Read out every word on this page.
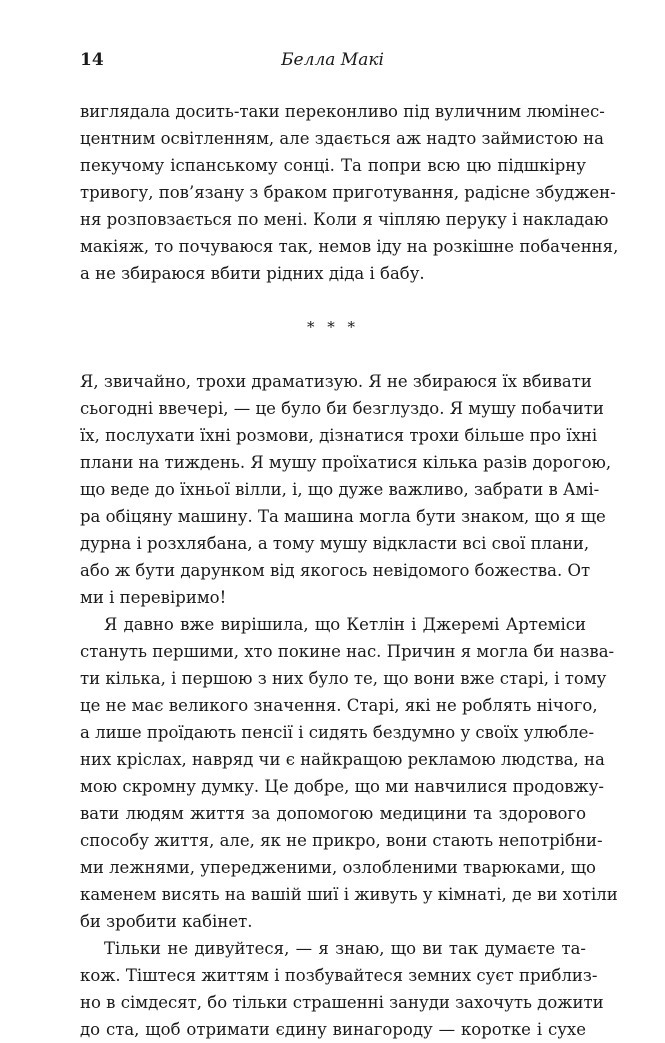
14	Белла Макі

виглядала досить-таки переконливо під вуличним люмінес-
центним освітленням, але здається аж надто займистою на
пекучому іспанському сонці. Та попри всю цю підшкірну
тривогу, пов’язану з браком приготування, радісне збуджен-
ня розповзається по мені. Коли я чіпляю перуку і накладаю
макіяж, то почуваюся так, немов іду на розкішне побачення,
а не збираюся вбити рідних діда і бабу.

* * *

Я, звичайно, трохи драматизую. Я не збираюся їх вбивати
сьогодні ввечері, — це було би безглуздо. Я мушу побачити
їх, послухати їхні розмови, дізнатися трохи більше про їхні
плани на тиждень. Я мушу проїхатися кілька разів дорогою,
що веде до їхньої вілли, і, що дуже важливо, забрати в Амі-
ра обіцяну машину. Та машина могла бути знаком, що я ще
дурна і розхлябана, а тому мушу відкласти всі свої плани,
або ж бути дарунком від якогось невідомого божества. От
ми і перевіримо!

Я давно вже вирішила, що Кетлін і Джеремі Артеміси
стануть першими, хто покине нас. Причин я могла би назва-
ти кілька, і першою з них було те, що вони вже старі, і тому
це не має великого значення. Старі, які не роблять нічого,
а лише проїдають пенсії і сидять бездумно у своїх улюбле-
них кріслах, навряд чи є найкращою рекламою людства, на
мою скромну думку. Це добре, що ми навчилися продовжу-
вати людям життя за допомогою медицини та здорового
способу життя, але, як не прикро, вони стають непотрібни-
ми лежнями, упередженими, озлобленими тварюками, що
каменем висять на вашій шиї і живуть у кімнаті, де ви хотіли
би зробити кабінет.

Тільки не дивуйтеся, — я знаю, що ви так думаєте та-
кож. Тіштеся життям і позбувайтеся земних суєт приблиз-
но в сімдесят, бо тільки страшенні зануди захочуть дожити
до ста, щоб отримати єдину винагороду — коротке і сухе
